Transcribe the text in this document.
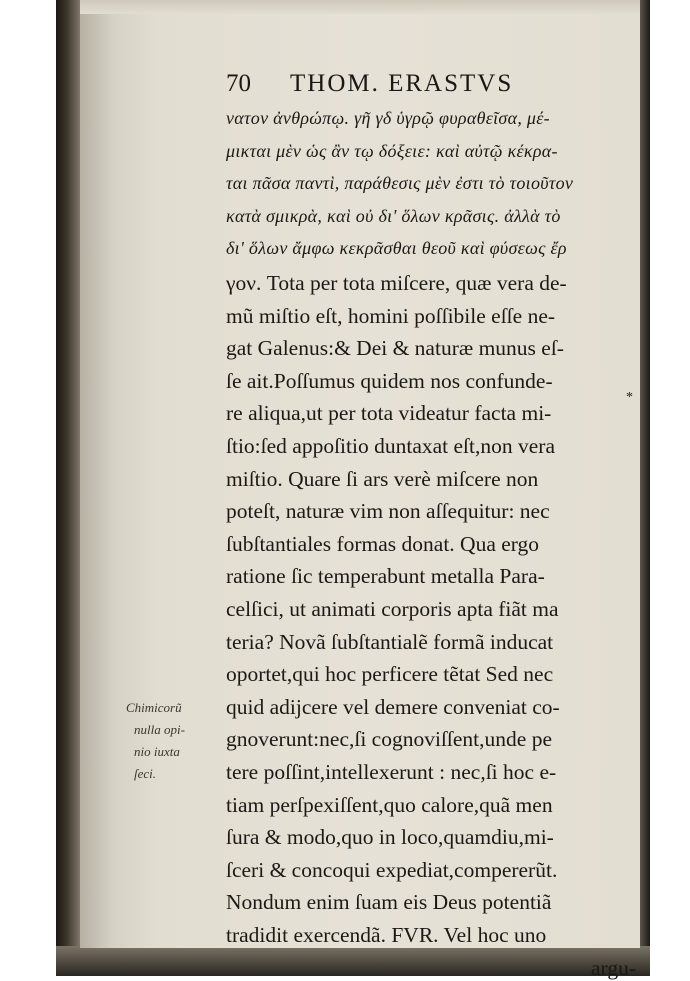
70 THOM. ERASTVS
νατον ἀνθρώπῳ. γῆ γδ ὑγρῷ φυραθεῖσα, μέ-
μικται μὲν ὡς ἂν τῳ δόξειε: καὶ αὐτῷ κέκρα-
ται πᾶσα παντὶ, παράθεσις μὲν ἐστι τὸ τοιοῦτον
κατὰ σμικρὰ, καὶ οὐ δι' ὅλων κρᾶσις. ἀλλὰ τὸ
δι' ὅλων ἄμφω κεκρᾶσθαι θεοῦ καὶ φύσεως ἔρ
γον. Tota per tota miſcere, quæ vera de-
mũ miſtio eſt, homini poſſibile eſſe ne-
gat Galenus:& Dei & naturæ munus eſ-
ſe ait.Poſſumus quidem nos confunde-
re aliqua,ut per tota videatur facta mi-
ſtio:ſed appoſitio duntaxat eſt,non vera
miſtio. Quare ſi ars verè miſcere non
poteſt, naturæ vim non aſſequitur: nec
ſubſtantiales formas donat. Qua ergo
ratione ſic temperabunt metalla Para-
celſici, ut animati corporis apta fiãt ma
teria? Novã ſubſtantialẽ formã inducat
oportet,qui hoc perficere tẽtat Sed nec
quid adijcere vel demere conveniat co-
gnoverunt:nec,ſi cognoviſſent,unde pe
tere poſſint,intellexerunt : nec,ſi hoc e-
tiam perſpexiſſent,quo calore,quã men
ſura & modo,quo in loco,quamdiu,mi-
ſceri & concoqui expediat,compererũt.
Nondum enim ſuam eis Deus potentiã
tradidit exercendã. FVR. Vel hoc uno
argu-
Chimicorũ
nulla opi-
nio iuxta
ſeci.
*
